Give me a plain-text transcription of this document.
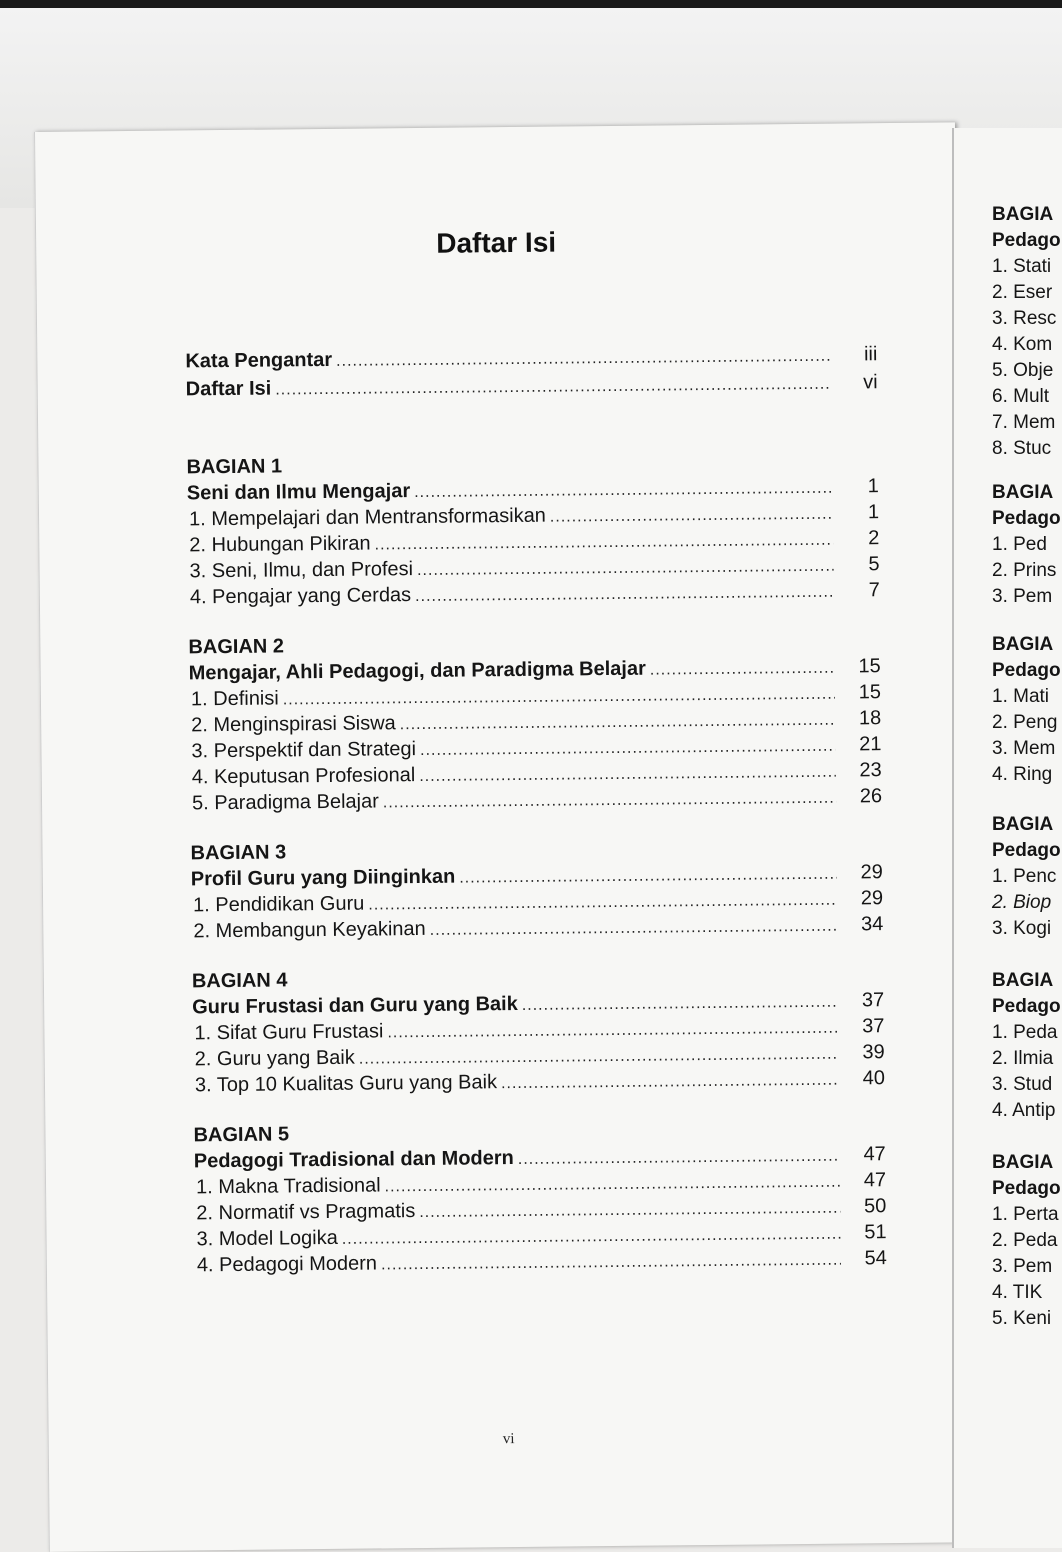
Daftar Isi
Kata Pengantar .....	iii
Daftar Isi .....	vi
BAGIAN 1
Seni dan Ilmu Mengajar .....	1
1. Mempelajari dan Mentransformasikan .....	1
2. Hubungan Pikiran .....	2
3. Seni, Ilmu, dan Profesi .....	5
4. Pengajar yang Cerdas .....	7
BAGIAN 2
Mengajar, Ahli Pedagogi, dan Paradigma Belajar .....	15
1. Definisi .....	15
2. Menginspirasi Siswa .....	18
3. Perspektif dan Strategi .....	21
4. Keputusan Profesional .....	23
5. Paradigma Belajar .....	26
BAGIAN 3
Profil Guru yang Diinginkan .....	29
1. Pendidikan Guru .....	29
2. Membangun Keyakinan .....	34
BAGIAN 4
Guru Frustasi dan Guru yang Baik .....	37
1. Sifat Guru Frustasi .....	37
2. Guru yang Baik .....	39
3. Top 10 Kualitas Guru yang Baik .....	40
BAGIAN 5
Pedagogi Tradisional dan Modern .....	47
1. Makna Tradisional .....	47
2. Normatif vs Pragmatis .....	50
3. Model Logika .....	51
4. Pedagogi Modern .....	54
vi
BAGIA
Pedago
1. Stati
2. Eser
3. Resc
4. Kom
5. Obje
6. Mult
7. Mem
8. Stuc
BAGIA
Pedago
1. Ped
2. Prins
3. Pem
BAGIA
Pedago
1. Mati
2. Peng
3. Mem
4. Ring
BAGIA
Pedago
1. Penc
2. Biop
3. Kogi
BAGIA
Pedago
1. Peda
2. Ilmia
3. Stud
4. Antip
BAGIA
Pedago
1. Perta
2. Peda
3. Pem
4. TIK
5. Keni
